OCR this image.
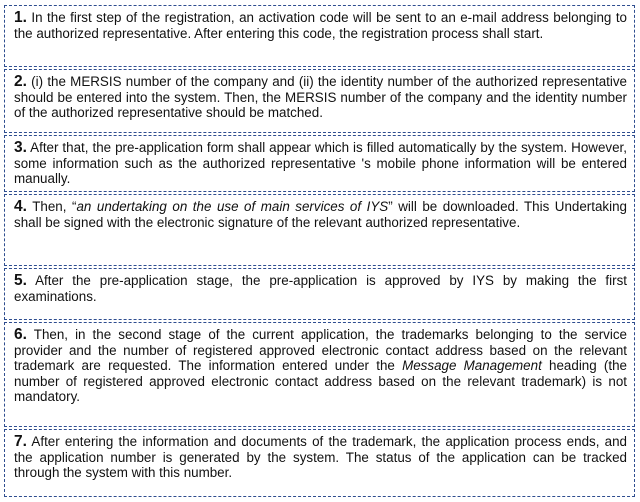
1. In the first step of the registration, an activation code will be sent to an e-mail address belonging to the authorized representative. After entering this code, the registration process shall start.
2. (i) the MERSIS number of the company and (ii) the identity number of the authorized representative should be entered into the system. Then, the MERSIS number of the company and the identity number of the authorized representative should be matched.
3. After that, the pre-application form shall appear which is filled automatically by the system. However, some information such as the authorized representative 's mobile phone information will be entered manually.
4. Then, “an undertaking on the use of main services of IYS” will be downloaded. This Undertaking shall be signed with the electronic signature of the relevant authorized representative.
5. After the pre-application stage, the pre-application is approved by IYS by making the first examinations.
6. Then, in the second stage of the current application, the trademarks belonging to the service provider and the number of registered approved electronic contact address based on the relevant trademark are requested. The information entered under the Message Management heading (the number of registered approved electronic contact address based on the relevant trademark) is not mandatory.
7. After entering the information and documents of the trademark, the application process ends, and the application number is generated by the system. The status of the application can be tracked through the system with this number.
